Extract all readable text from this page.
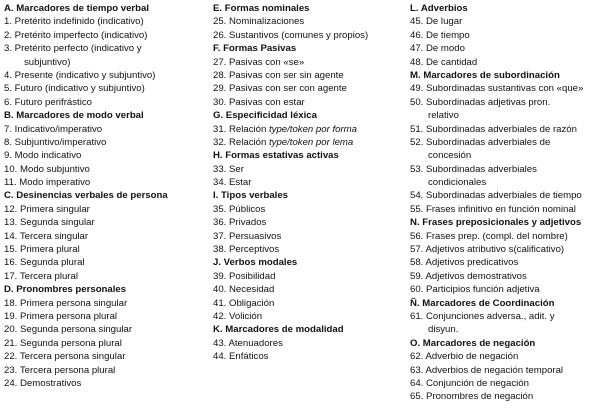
A. Marcadores de tiempo verbal
1. Pretérito indefinido (indicativo)
2. Pretérito imperfecto (indicativo)
3. Pretérito perfecto (indicativo y
subjuntivo)
4. Presente (indicativo y subjuntivo)
5. Futuro (indicativo y subjuntivo)
6. Futuro perifrástico
B. Marcadores de modo verbal
7. Indicativo/imperativo
8. Subjuntivo/imperativo
9. Modo indicativo
10. Modo subjuntivo
11. Modo imperativo
C. Desinencias verbales de persona
12. Primera singular
13. Segunda singular
14. Tercera singular
15. Primera plural
16. Segunda plural
17. Tercera plural
D. Pronombres personales
18. Primera persona singular
19. Primera persona plural
20. Segunda persona singular
21. Segunda persona plural
22. Tercera persona singular
23. Tercera persona plural
24. Demostrativos
E. Formas nominales
25. Nominalizaciones
26. Sustantivos (comunes y propios)
F. Formas Pasivas
27. Pasivas con «se»
28. Pasivas con ser sin agente
29. Pasivas con ser con agente
30. Pasivas con estar
G. Especificidad léxica
31. Relación type/token por forma
32. Relación type/token por lema
H. Formas estativas activas
33. Ser
34. Estar
I. Tipos verbales
35. Públicos
36. Privados
37. Persuasivos
38. Perceptivos
J. Verbos modales
39. Posibilidad
40. Necesidad
41. Obligación
42. Volición
K. Marcadores de modalidad
43. Atenuadores
44. Enfáticos
L. Adverbios
45. De lugar
46. De tiempo
47. De modo
48. De cantidad
M. Marcadores de subordinación
49. Subordinadas sustantivas con «que»
50. Subordinadas adjetivas pron.
relativo
51. Subordinadas adverbiales de razón
52. Subordinadas adverbiales de
concesión
53. Subordinadas adverbiales
condicionales
54. Subordinadas adverbiales de tiempo
55. Frases infinitivo en función nominal
N. Frases preposicionales y adjetivos
56. Frases prep. (compl. del nombre)
57. Adjetivos atributivo s(calificativo)
58. Adjetivos predicativos
59. Adjetivos demostrativos
60. Participios función adjetiva
Ñ. Marcadores de Coordinación
61. Conjunciones adversa., adit. y
disyun.
O. Marcadores de negación
62. Adverbio de negación
63. Adverbios de negación temporal
64. Conjunción de negación
65. Pronombres de negación
